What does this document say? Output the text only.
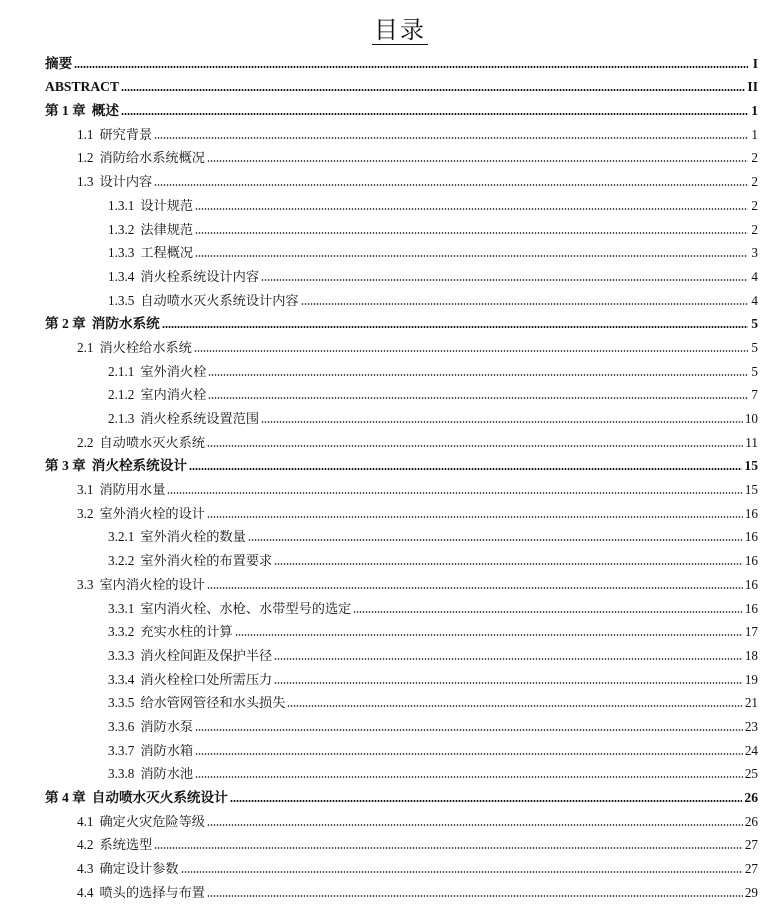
目录
摘要	I
ABSTRACT	II
第 1 章 概述	1
1.1 研究背景	1
1.2 消防给水系统概况	2
1.3 设计内容	2
1.3.1 设计规范	2
1.3.2 法律规范	2
1.3.3 工程概况	3
1.3.4 消火栓系统设计内容	4
1.3.5 自动喷水灭火系统设计内容	4
第 2 章 消防水系统	5
2.1 消火栓给水系统	5
2.1.1 室外消火栓	5
2.1.2 室内消火栓	7
2.1.3 消火栓系统设置范围	10
2.2 自动喷水灭火系统	11
第 3 章 消火栓系统设计	15
3.1 消防用水量	15
3.2 室外消火栓的设计	16
3.2.1 室外消火栓的数量	16
3.2.2 室外消火栓的布置要求	16
3.3 室内消火栓的设计	16
3.3.1 室内消火栓、水枪、水带型号的选定	16
3.3.2 充实水柱的计算	17
3.3.3 消火栓间距及保护半径	18
3.3.4 消火栓栓口处所需压力	19
3.3.5 给水管网管径和水头损失	21
3.3.6 消防水泵	23
3.3.7 消防水箱	24
3.3.8 消防水池	25
第 4 章 自动喷水灭火系统设计	26
4.1 确定火灾危险等级	26
4.2 系统选型	27
4.3 确定设计参数	27
4.4 喷头的选择与布置	29
